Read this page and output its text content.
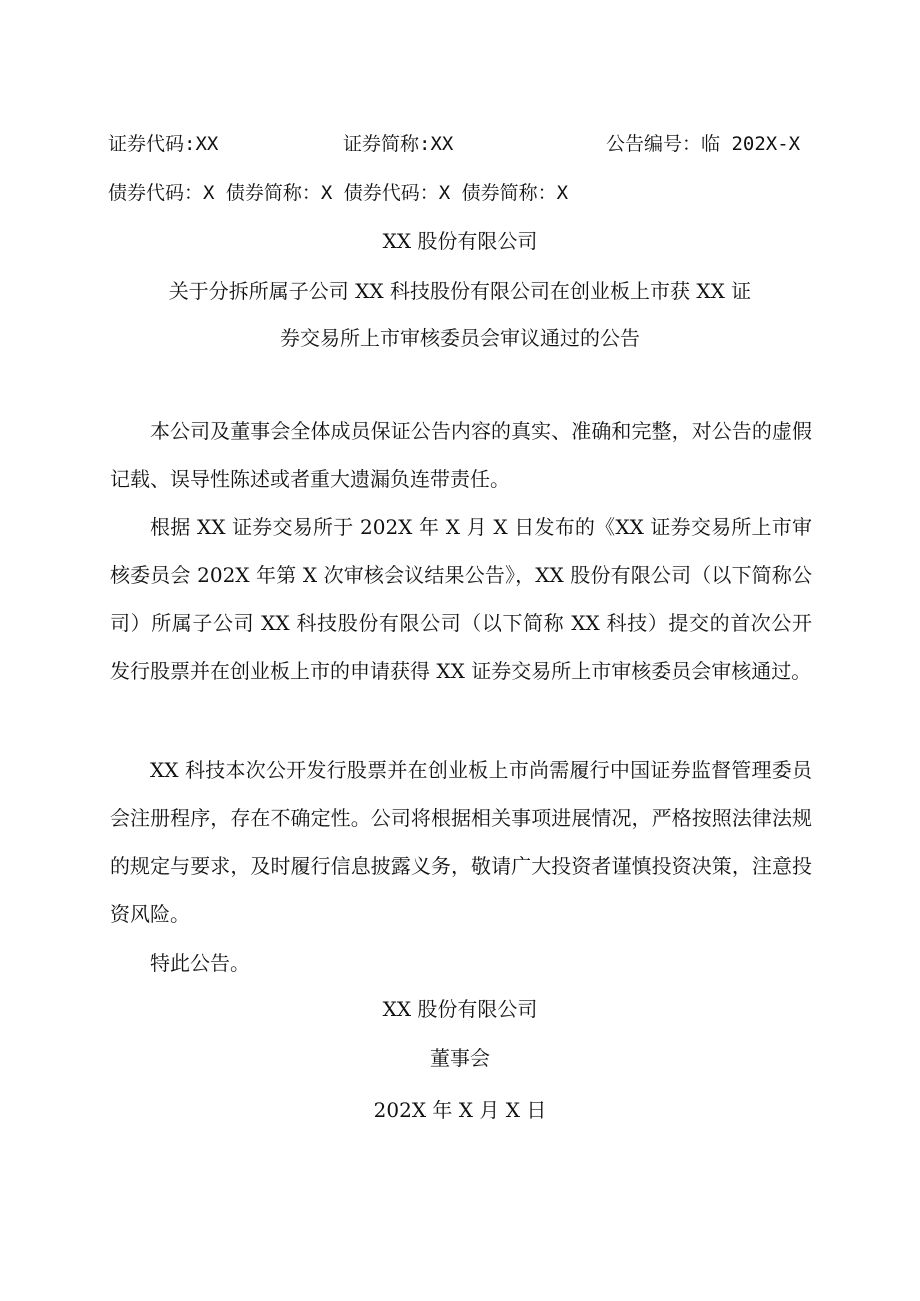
证券代码:XX	证券简称:XX	公告编号：临 202X-X
债券代码：X 债券简称：X 债券代码：X 债券简称：X
XX 股份有限公司
关于分拆所属子公司 XX 科技股份有限公司在创业板上市获 XX 证
券交易所上市审核委员会审议通过的公告

本公司及董事会全体成员保证公告内容的真实、准确和完整，对公告的虚假记载、误导性陈述或者重大遗漏负连带责任。

根据 XX 证券交易所于 202X 年 X 月 X 日发布的《XX 证券交易所上市审核委员会 202X 年第 X 次审核会议结果公告》，XX 股份有限公司（以下简称公司）所属子公司 XX 科技股份有限公司（以下简称 XX 科技）提交的首次公开发行股票并在创业板上市的申请获得 XX 证券交易所上市审核委员会审核通过。

XX 科技本次公开发行股票并在创业板上市尚需履行中国证券监督管理委员会注册程序，存在不确定性。公司将根据相关事项进展情况，严格按照法律法规的规定与要求，及时履行信息披露义务，敬请广大投资者谨慎投资决策，注意投资风险。

特此公告。

XX 股份有限公司
董事会
202X 年 X 月 X 日
